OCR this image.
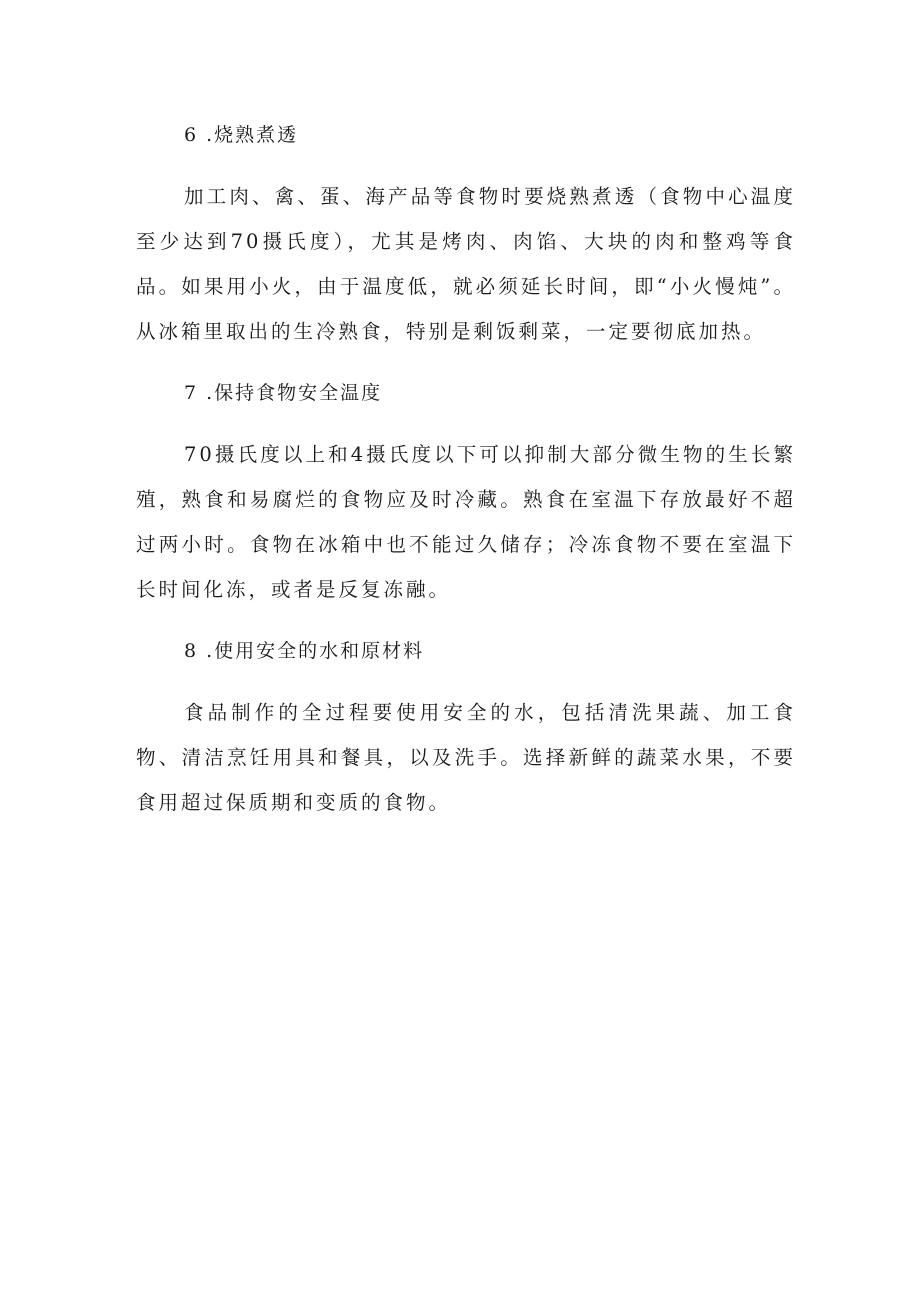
6 .烧熟煮透

加工肉、禽、蛋、海产品等食物时要烧熟煮透（食物中心温度至少达到70摄氏度），尤其是烤肉、肉馅、大块的肉和整鸡等食品。如果用小火，由于温度低，就必须延长时间，即“小火慢炖”。从冰箱里取出的生冷熟食，特别是剩饭剩菜，一定要彻底加热。

7 .保持食物安全温度

70摄氏度以上和4摄氏度以下可以抑制大部分微生物的生长繁殖，熟食和易腐烂的食物应及时冷藏。熟食在室温下存放最好不超过两小时。食物在冰箱中也不能过久储存；冷冻食物不要在室温下长时间化冻，或者是反复冻融。

8 .使用安全的水和原材料

食品制作的全过程要使用安全的水，包括清洗果蔬、加工食物、清洁烹饪用具和餐具，以及洗手。选择新鲜的蔬菜水果，不要食用超过保质期和变质的食物。
